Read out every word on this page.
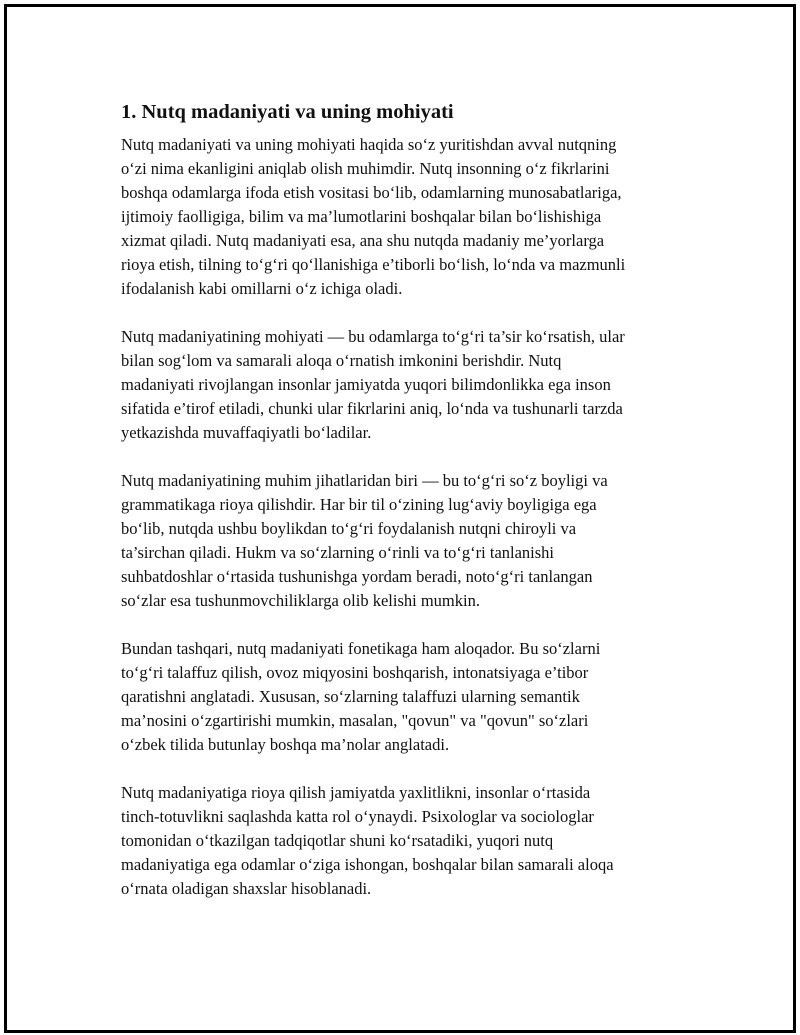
1. Nutq madaniyati va uning mohiyati

Nutq madaniyati va uning mohiyati haqida so‘z yuritishdan avval nutqning
o‘zi nima ekanligini aniqlab olish muhimdir. Nutq insonning o‘z fikrlarini
boshqa odamlarga ifoda etish vositasi bo‘lib, odamlarning munosabatlariga,
ijtimoiy faolligiga, bilim va ma’lumotlarini boshqalar bilan bo‘lishishiga
xizmat qiladi. Nutq madaniyati esa, ana shu nutqda madaniy me’yorlarga
rioya etish, tilning to‘g‘ri qo‘llanishiga e’tiborli bo‘lish, lo‘nda va mazmunli
ifodalanish kabi omillarni o‘z ichiga oladi.

Nutq madaniyatining mohiyati — bu odamlarga to‘g‘ri ta’sir ko‘rsatish, ular
bilan sog‘lom va samarali aloqa o‘rnatish imkonini berishdir. Nutq
madaniyati rivojlangan insonlar jamiyatda yuqori bilimdonlikka ega inson
sifatida e’tirof etiladi, chunki ular fikrlarini aniq, lo‘nda va tushunarli tarzda
yetkazishda muvaffaqiyatli bo‘ladilar.

Nutq madaniyatining muhim jihatlaridan biri — bu to‘g‘ri so‘z boyligi va
grammatikaga rioya qilishdir. Har bir til o‘zining lug‘aviy boyligiga ega
bo‘lib, nutqda ushbu boylikdan to‘g‘ri foydalanish nutqni chiroyli va
ta’sirchan qiladi. Hukm va so‘zlarning o‘rinli va to‘g‘ri tanlanishi
suhbatdoshlar o‘rtasida tushunishga yordam beradi, noto‘g‘ri tanlangan
so‘zlar esa tushunmovchiliklarga olib kelishi mumkin.

Bundan tashqari, nutq madaniyati fonetikaga ham aloqador. Bu so‘zlarni
to‘g‘ri talaffuz qilish, ovoz miqyosini boshqarish, intonatsiyaga e’tibor
qaratishni anglatadi. Xususan, so‘zlarning talaffuzi ularning semantik
ma’nosini o‘zgartirishi mumkin, masalan, "qovun" va "qovun" so‘zlari
o‘zbek tilida butunlay boshqa ma’nolar anglatadi.

Nutq madaniyatiga rioya qilish jamiyatda yaxlitlikni, insonlar o‘rtasida
tinch-totuvlikni saqlashda katta rol o‘ynaydi. Psixologlar va sociologlar
tomonidan o‘tkazilgan tadqiqotlar shuni ko‘rsatadiki, yuqori nutq
madaniyatiga ega odamlar o‘ziga ishongan, boshqalar bilan samarali aloqa
o‘rnata oladigan shaxslar hisoblanadi.
